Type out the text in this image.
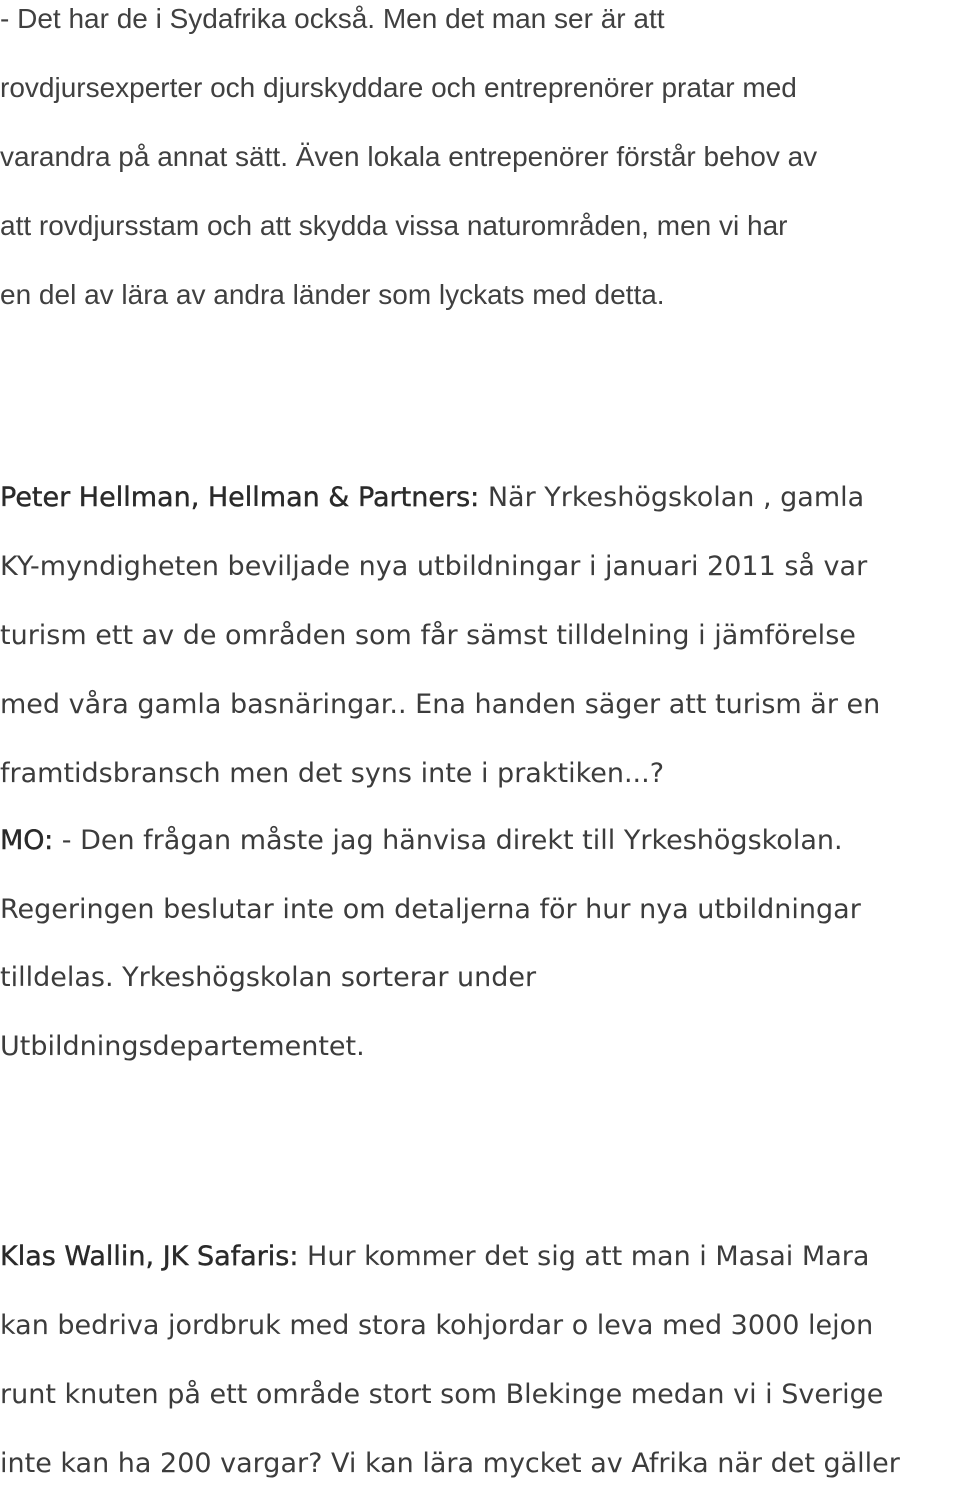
- Det har de i Sydafrika också. Men det man ser är att
rovdjursexperter och djurskyddare och entreprenörer pratar med
varandra på annat sätt. Även lokala entrepenörer förstår behov av
att rovdjursstam och att skydda vissa naturområden, men vi har
en del av lära av andra länder som lyckats med detta.

Peter Hellman, Hellman & Partners: När Yrkeshögskolan , gamla
KY-myndigheten beviljade nya utbildningar i januari 2011 så var
turism ett av de områden som får sämst tilldelning i jämförelse
med våra gamla basnäringar.. Ena handen säger att turism är en
framtidsbransch men det syns inte i praktiken...?

MO: - Den frågan måste jag hänvisa direkt till Yrkeshögskolan.
Regeringen beslutar inte om detaljerna för hur nya utbildningar
tilldelas. Yrkeshögskolan sorterar under
Utbildningsdepartementet.

Klas Wallin, JK Safaris: Hur kommer det sig att man i Masai Mara
kan bedriva jordbruk med stora kohjordar o leva med 3000 lejon
runt knuten på ett område stort som Blekinge medan vi i Sverige
inte kan ha 200 vargar? Vi kan lära mycket av Afrika när det gäller
